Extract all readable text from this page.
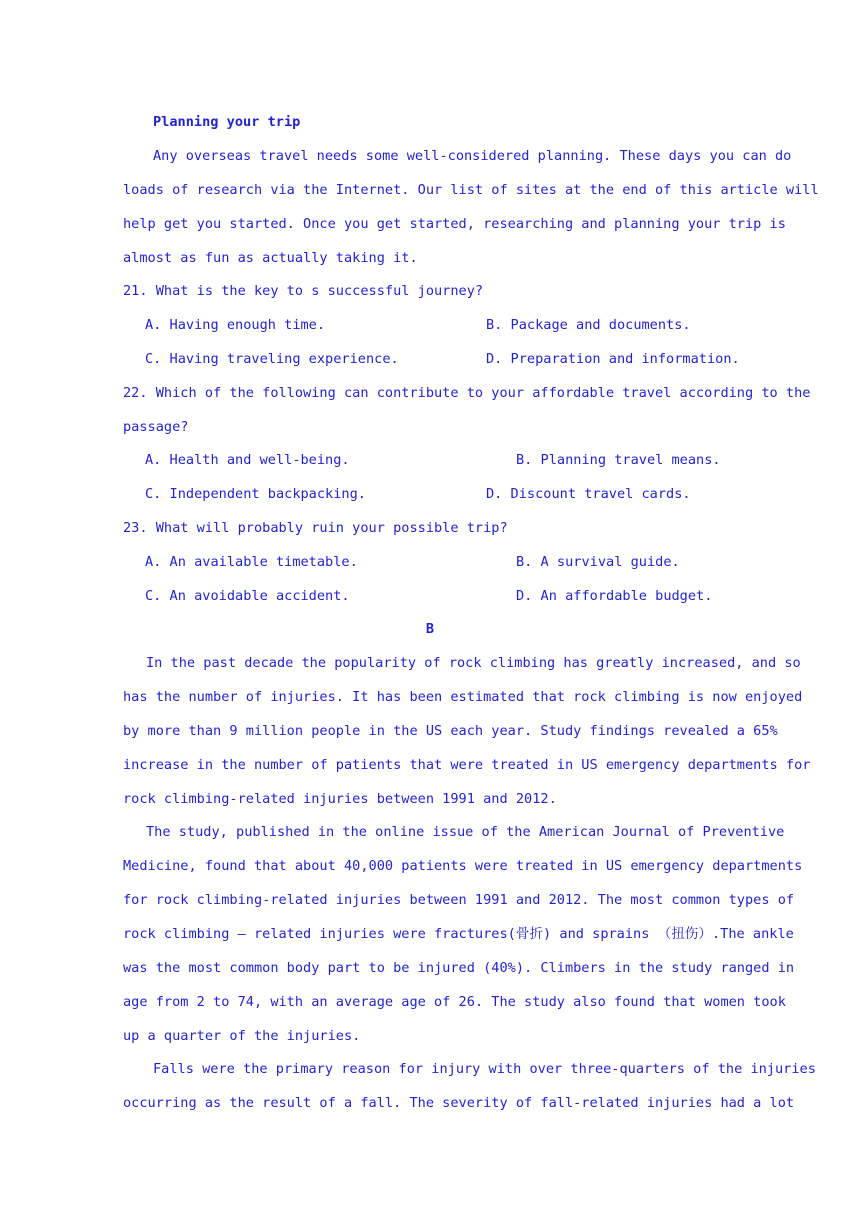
Planning your trip
Any overseas travel needs some well-considered planning. These days you can do
loads of research via the Internet. Our list of sites at the end of this article will
help get you started. Once you get started, researching and planning your trip is
almost as fun as actually taking it.
21. What is the key to s successful journey?
A. Having enough time.	B. Package and documents.
C. Having traveling experience.	D. Preparation and information.
22. Which of the following can contribute to your affordable travel according to the
passage?
A. Health and well-being.	B. Planning travel means.
C. Independent backpacking.	D. Discount travel cards.
23. What will probably ruin your possible trip?
A. An available timetable.	B. A survival guide.
C. An avoidable accident.	D. An affordable budget.
B
In the past decade the popularity of rock climbing has greatly increased, and so
has the number of injuries. It has been estimated that rock climbing is now enjoyed
by more than 9 million people in the US each year. Study findings revealed a 65%
increase in the number of patients that were treated in US emergency departments for
rock climbing-related injuries between 1991 and 2012.
The study, published in the online issue of the American Journal of Preventive
Medicine, found that about 40,000 patients were treated in US emergency departments
for rock climbing-related injuries between 1991 and 2012. The most common types of
rock climbing – related injuries were fractures(骨折) and sprains （扭伤）.The ankle
was the most common body part to be injured (40%). Climbers in the study ranged in
age from 2 to 74, with an average age of 26. The study also found that women took
up a quarter of the injuries.
Falls were the primary reason for injury with over three-quarters of the injuries
occurring as the result of a fall. The severity of fall-related injuries had a lot
